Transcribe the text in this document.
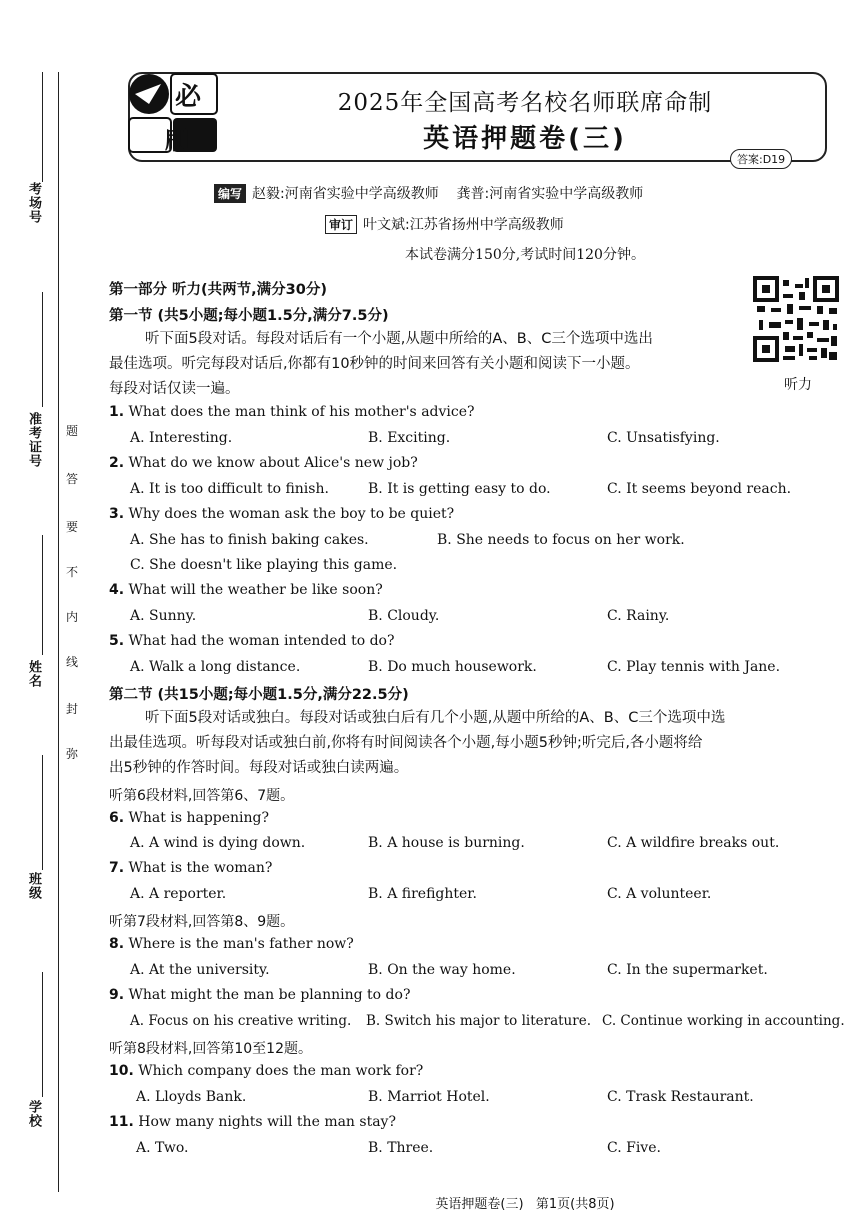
考场号
准考证号
姓名
班级
学校
题
答
要
不
内
线
封
弥
必
卷刷
2025年全国高考名校名师联席命制
英语押题卷(三)
答案:D19
编写 赵毅:河南省实验中学高级教师    龚普:河南省实验中学高级教师
审订 叶文斌:江苏省扬州中学高级教师
本试卷满分150分,考试时间120分钟。
听力
第一部分 听力(共两节,满分30分)
第一节 (共5小题;每小题1.5分,满分7.5分)
听下面5段对话。每段对话后有一个小题,从题中所给的A、B、C三个选项中选出
最佳选项。听完每段对话后,你都有10秒钟的时间来回答有关小题和阅读下一小题。
每段对话仅读一遍。
1. What does the man think of his mother's advice?
A. Interesting.	B. Exciting.	C. Unsatisfying.
2. What do we know about Alice's new job?
A. It is too difficult to finish.	B. It is getting easy to do.	C. It seems beyond reach.
3. Why does the woman ask the boy to be quiet?
A. She has to finish baking cakes.	B. She needs to focus on her work.
C. She doesn't like playing this game.
4. What will the weather be like soon?
A. Sunny.	B. Cloudy.	C. Rainy.
5. What had the woman intended to do?
A. Walk a long distance.	B. Do much housework.	C. Play tennis with Jane.
第二节 (共15小题;每小题1.5分,满分22.5分)
听下面5段对话或独白。每段对话或独白后有几个小题,从题中所给的A、B、C三个选项中选
出最佳选项。听每段对话或独白前,你将有时间阅读各个小题,每小题5秒钟;听完后,各小题将给
出5秒钟的作答时间。每段对话或独白读两遍。
听第6段材料,回答第6、7题。
6. What is happening?
A. A wind is dying down.	B. A house is burning.	C. A wildfire breaks out.
7. What is the woman?
A. A reporter.	B. A firefighter.	C. A volunteer.
听第7段材料,回答第8、9题。
8. Where is the man's father now?
A. At the university.	B. On the way home.	C. In the supermarket.
9. What might the man be planning to do?
A. Focus on his creative writing. B. Switch his major to literature. C. Continue working in accounting.
听第8段材料,回答第10至12题。
10. Which company does the man work for?
A. Lloyds Bank.	B. Marriot Hotel.	C. Trask Restaurant.
11. How many nights will the man stay?
A. Two.	B. Three.	C. Five.
英语押题卷(三)   第1页(共8页)
